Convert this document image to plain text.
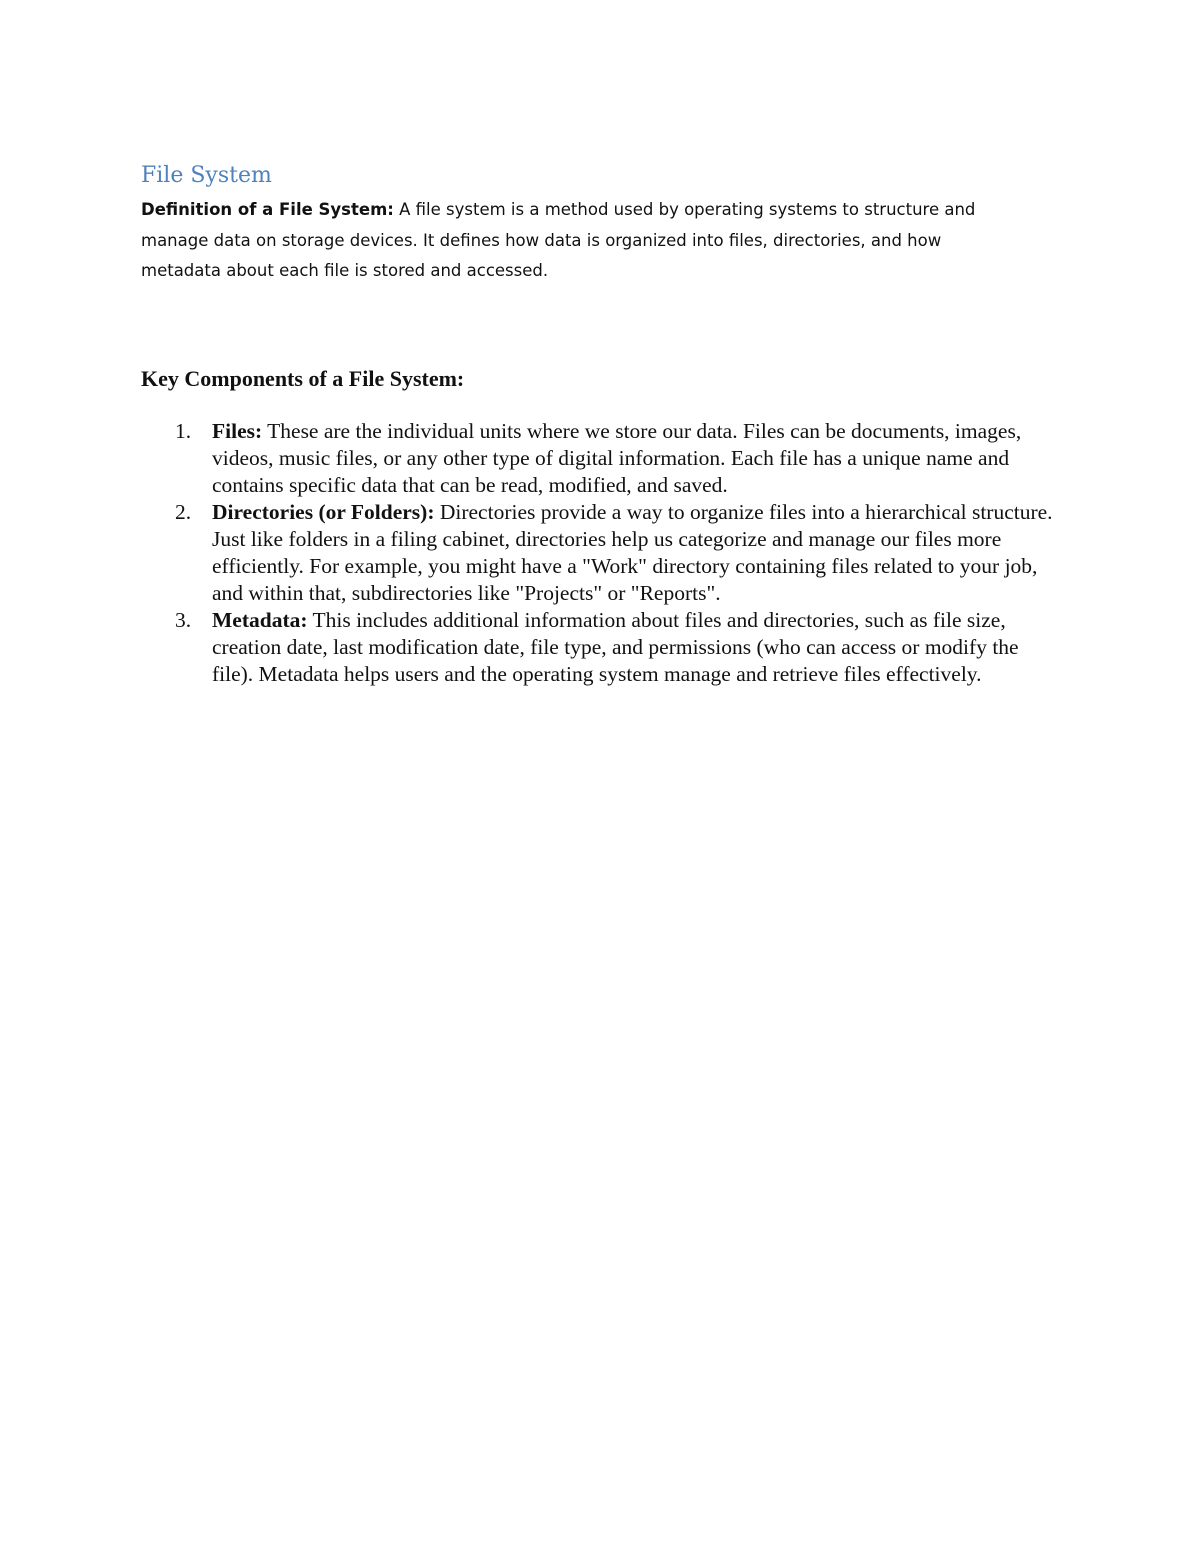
File System

Definition of a File System: A file system is a method used by operating systems to structure and manage data on storage devices. It defines how data is organized into files, directories, and how metadata about each file is stored and accessed.

Key Components of a File System:
1. Files: These are the individual units where we store our data. Files can be documents, images, videos, music files, or any other type of digital information. Each file has a unique name and contains specific data that can be read, modified, and saved.
2. Directories (or Folders): Directories provide a way to organize files into a hierarchical structure. Just like folders in a filing cabinet, directories help us categorize and manage our files more efficiently. For example, you might have a "Work" directory containing files related to your job, and within that, subdirectories like "Projects" or "Reports".
3. Metadata: This includes additional information about files and directories, such as file size, creation date, last modification date, file type, and permissions (who can access or modify the file). Metadata helps users and the operating system manage and retrieve files effectively.
